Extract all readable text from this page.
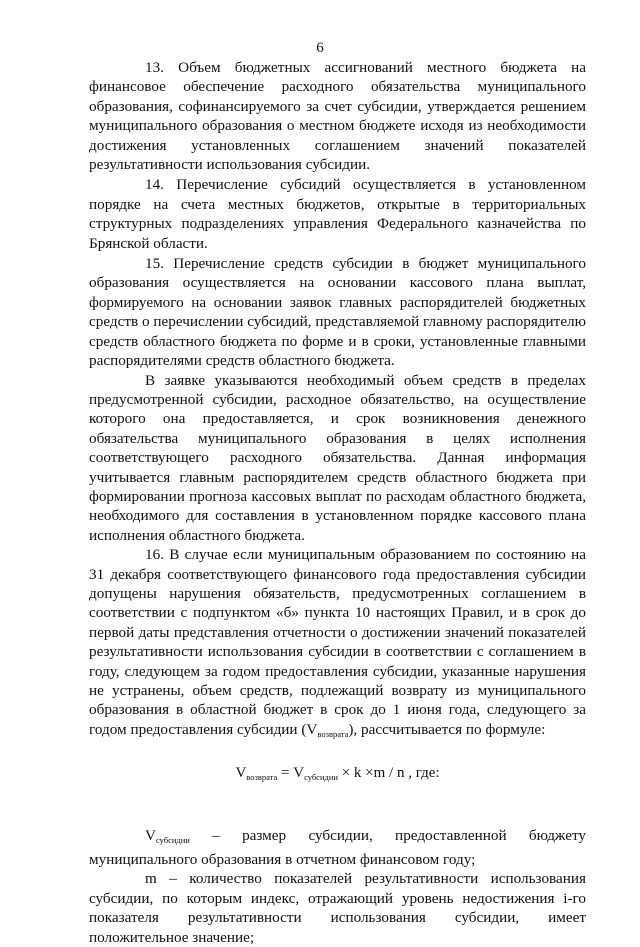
6

13. Объем бюджетных ассигнований местного бюджета на финансовое обеспечение расходного обязательства муниципального образования, софинансируемого за счет субсидии, утверждается решением муниципального образования о местном бюджете исходя из необходимости достижения установленных соглашением значений показателей результативности использования субсидии.

14. Перечисление субсидий осуществляется в установленном порядке на счета местных бюджетов, открытые в территориальных структурных подразделениях управления Федерального казначейства по Брянской области.

15. Перечисление средств субсидии в бюджет муниципального образования осуществляется на основании кассового плана выплат, формируемого на основании заявок главных распорядителей бюджетных средств о перечислении субсидий, представляемой главному распорядителю средств областного бюджета по форме и в сроки, установленные главными распорядителями средств областного бюджета.

В заявке указываются необходимый объем средств в пределах предусмотренной субсидии, расходное обязательство, на осуществление которого она предоставляется, и срок возникновения денежного обязательства муниципального образования в целях исполнения соответствующего расходного обязательства. Данная информация учитывается главным распорядителем средств областного бюджета при формировании прогноза кассовых выплат по расходам областного бюджета, необходимого для составления в установленном порядке кассового плана исполнения областного бюджета.

16. В случае если муниципальным образованием по состоянию на 31 декабря соответствующего финансового года предоставления субсидии допущены нарушения обязательств, предусмотренных соглашением в соответствии с подпунктом «б» пункта 10 настоящих Правил, и в срок до первой даты представления отчетности о достижении значений показателей результативности использования субсидии в соответствии с соглашением в году, следующем за годом предоставления субсидии, указанные нарушения не устранены, объем средств, подлежащий возврату из муниципального образования в областной бюджет в срок до 1 июня года, следующего за годом предоставления субсидии $(V_{возврата})$, рассчитывается по формуле:

$V_{возврата} = V_{субсидии} \times k \times m / n$ , где:

$V_{субсидии}$ – размер субсидии, предоставленной бюджету муниципального образования в отчетном финансовом году;

m – количество показателей результативности использования субсидии, по которым индекс, отражающий уровень недостижения i-го показателя результативности использования субсидии, имеет положительное значение;
